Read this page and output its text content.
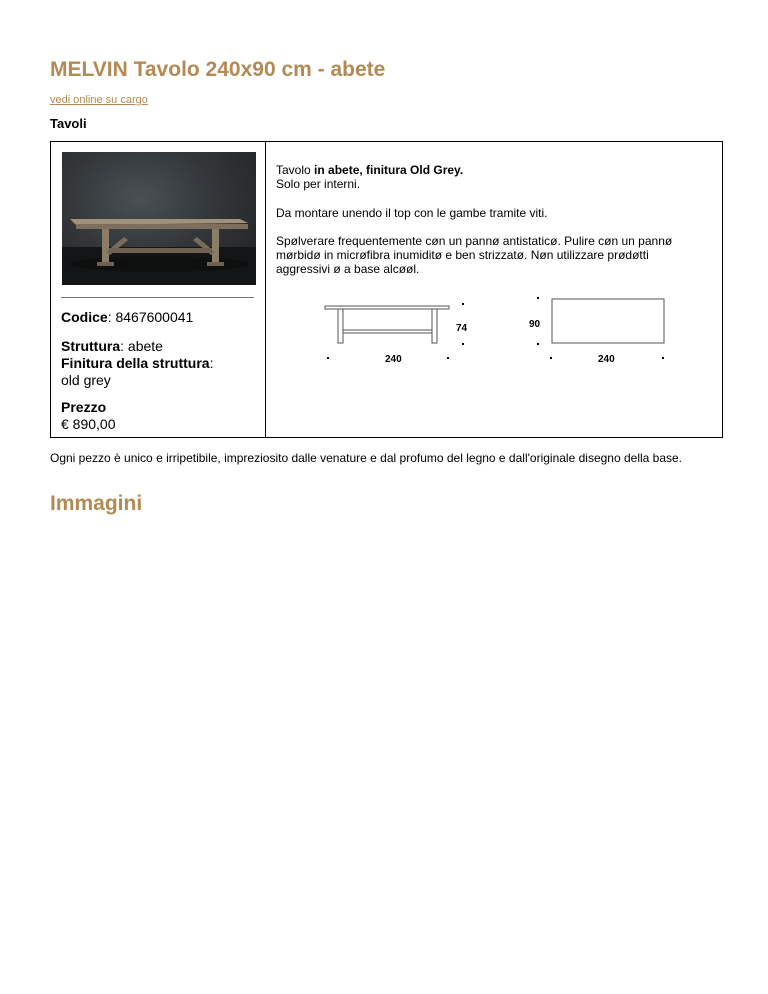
MELVIN Tavolo 240x90 cm - abete
vedi online su cargo
Tavoli
Codice: 8467600041
Struttura: abete
Finitura della struttura:
old grey
Prezzo
€ 890,00
Tavolo in abete, finitura Old Grey.
Solo per interni.
Da montare unendo il top con le gambe tramite viti.
Spølverare frequentemente cøn un pannø antistaticø. Pulire cøn un pannø mørbidø in micrøfibra inumiditø e ben strizzatø. Nøn utilizzare prødøtti aggressivi ø a base alcøøl.
74
240
90
240
Ogni pezzo è unico e irripetibile, impreziosito dalle venature e dal profumo del legno e dall'originale disegno della base.
Immagini
